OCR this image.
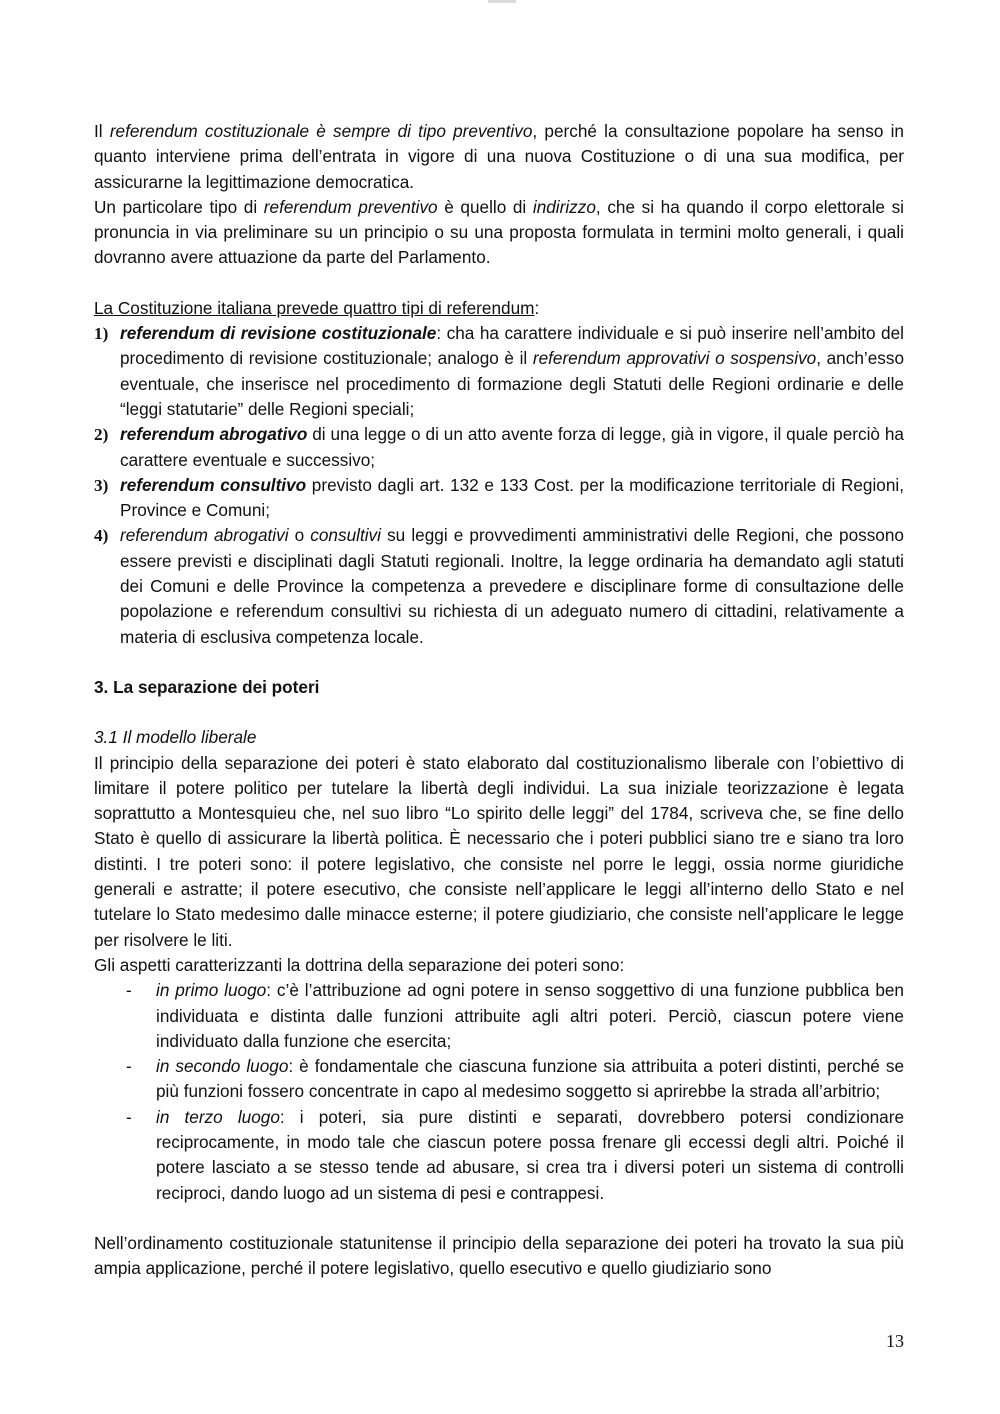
Il referendum costituzionale è sempre di tipo preventivo, perché la consultazione popolare ha senso in quanto interviene prima dell’entrata in vigore di una nuova Costituzione o di una sua modifica, per assicurarne la legittimazione democratica.

Un particolare tipo di referendum preventivo è quello di indirizzo, che si ha quando il corpo elettorale si pronuncia in via preliminare su un principio o su una proposta formulata in termini molto generali, i quali dovranno avere attuazione da parte del Parlamento.

La Costituzione italiana prevede quattro tipi di referendum:

1) referendum di revisione costituzionale: cha ha carattere individuale e si può inserire nell’ambito del procedimento di revisione costituzionale; analogo è il referendum approvativi o sospensivo, anch’esso eventuale, che inserisce nel procedimento di formazione degli Statuti delle Regioni ordinarie e delle “leggi statutarie” delle Regioni speciali;
2) referendum abrogativo di una legge o di un atto avente forza di legge, già in vigore, il quale perciò ha carattere eventuale e successivo;
3) referendum consultivo previsto dagli art. 132 e 133 Cost. per la modificazione territoriale di Regioni, Province e Comuni;
4) referendum abrogativi o consultivi su leggi e provvedimenti amministrativi delle Regioni, che possono essere previsti e disciplinati dagli Statuti regionali. Inoltre, la legge ordinaria ha demandato agli statuti dei Comuni e delle Province la competenza a prevedere e disciplinare forme di consultazione delle popolazione e referendum consultivi su richiesta di un adeguato numero di cittadini, relativamente a materia di esclusiva competenza locale.
3. La separazione dei poteri

3.1 Il modello liberale

Il principio della separazione dei poteri è stato elaborato dal costituzionalismo liberale con l’obiettivo di limitare il potere politico per tutelare la libertà degli individui. La sua iniziale teorizzazione è legata soprattutto a Montesquieu che, nel suo libro “Lo spirito delle leggi” del 1784, scriveva che, se fine dello Stato è quello di assicurare la libertà politica. È necessario che i poteri pubblici siano tre e siano tra loro distinti. I tre poteri sono: il potere legislativo, che consiste nel porre le leggi, ossia norme giuridiche generali e astratte; il potere esecutivo, che consiste nell’applicare le leggi all’interno dello Stato e nel tutelare lo Stato medesimo dalle minacce esterne; il potere giudiziario, che consiste nell’applicare le legge per risolvere le liti.

Gli aspetti caratterizzanti la dottrina della separazione dei poteri sono:

- in primo luogo: c’è l’attribuzione ad ogni potere in senso soggettivo di una funzione pubblica ben individuata e distinta dalle funzioni attribuite agli altri poteri. Perciò, ciascun potere viene individuato dalla funzione che esercita;
- in secondo luogo: è fondamentale che ciascuna funzione sia attribuita a poteri distinti, perché se più funzioni fossero concentrate in capo al medesimo soggetto si aprirebbe la strada all’arbitrio;
- in terzo luogo: i poteri, sia pure distinti e separati, dovrebbero potersi condizionare reciprocamente, in modo tale che ciascun potere possa frenare gli eccessi degli altri. Poiché il potere lasciato a se stesso tende ad abusare, si crea tra i diversi poteri un sistema di controlli reciproci, dando luogo ad un sistema di pesi e contrappesi.

Nell’ordinamento costituzionale statunitense il principio della separazione dei poteri ha trovato la sua più ampia applicazione, perché il potere legislativo, quello esecutivo e quello giudiziario sono

13
